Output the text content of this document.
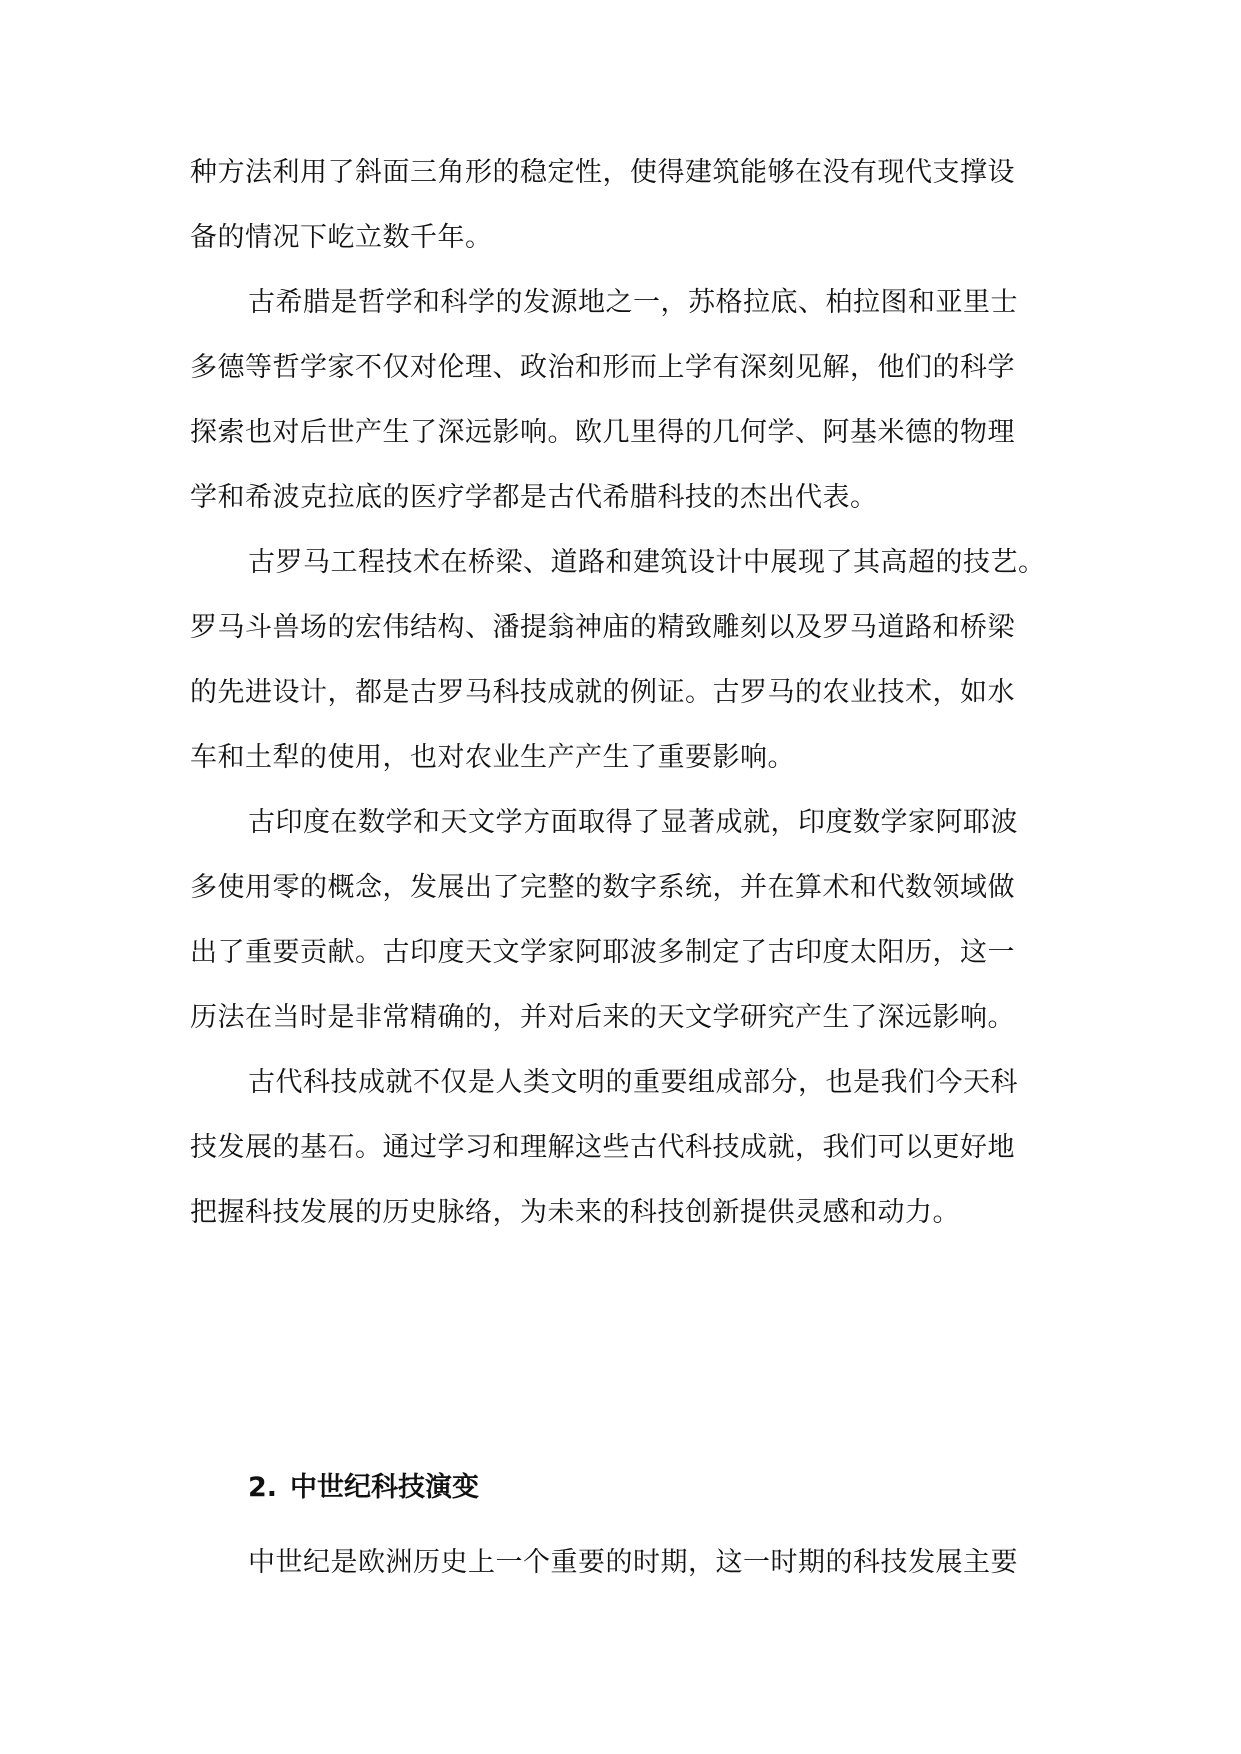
种方法利用了斜面三角形的稳定性，使得建筑能够在没有现代支撑设
备的情况下屹立数千年。
古希腊是哲学和科学的发源地之一，苏格拉底、柏拉图和亚里士
多德等哲学家不仅对伦理、政治和形而上学有深刻见解，他们的科学
探索也对后世产生了深远影响。欧几里得的几何学、阿基米德的物理
学和希波克拉底的医疗学都是古代希腊科技的杰出代表。
古罗马工程技术在桥梁、道路和建筑设计中展现了其高超的技艺。
罗马斗兽场的宏伟结构、潘提翁神庙的精致雕刻以及罗马道路和桥梁
的先进设计，都是古罗马科技成就的例证。古罗马的农业技术，如水
车和土犁的使用，也对农业生产产生了重要影响。
古印度在数学和天文学方面取得了显著成就，印度数学家阿耶波
多使用零的概念，发展出了完整的数字系统，并在算术和代数领域做
出了重要贡献。古印度天文学家阿耶波多制定了古印度太阳历，这一
历法在当时是非常精确的，并对后来的天文学研究产生了深远影响。
古代科技成就不仅是人类文明的重要组成部分，也是我们今天科
技发展的基石。通过学习和理解这些古代科技成就，我们可以更好地
把握科技发展的历史脉络，为未来的科技创新提供灵感和动力。
2. 中世纪科技演变
中世纪是欧洲历史上一个重要的时期，这一时期的科技发展主要
